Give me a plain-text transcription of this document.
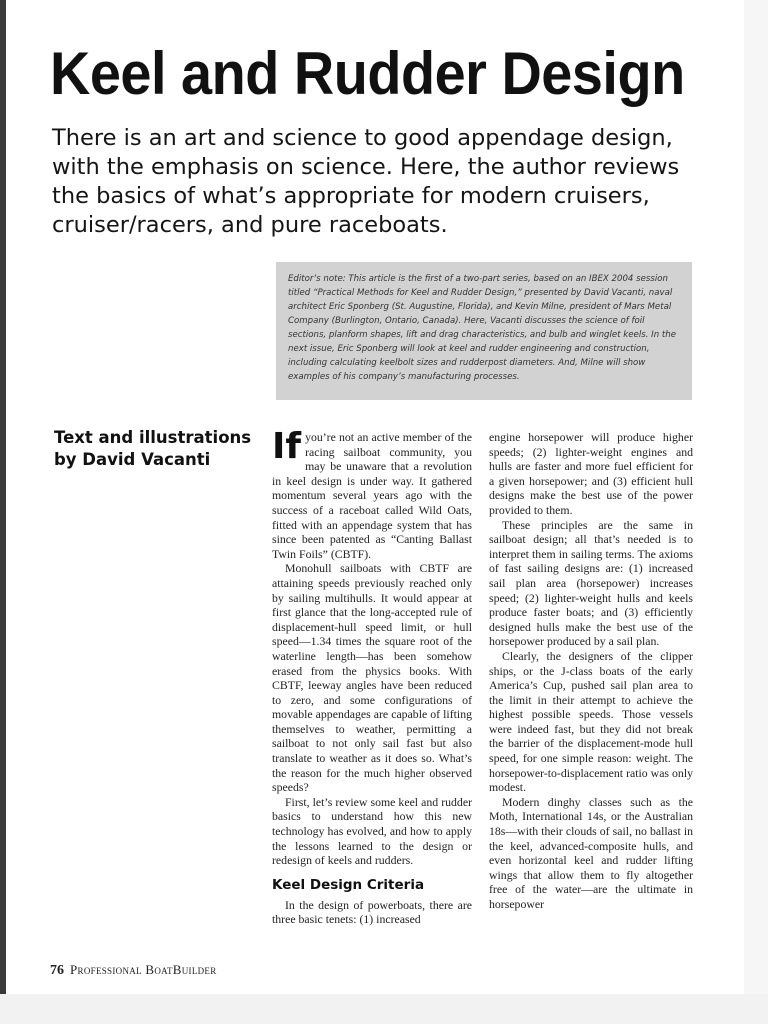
Keel and Rudder Design

There is an art and science to good appendage design, with the emphasis on science. Here, the author reviews the basics of what’s appropriate for modern cruisers, cruiser/racers, and pure raceboats.

Editor’s note: This article is the first of a two-part series, based on an IBEX 2004 session titled “Practical Methods for Keel and Rudder Design,” presented by David Vacanti, naval architect Eric Sponberg (St. Augustine, Florida), and Kevin Milne, president of Mars Metal Company (Burlington, Ontario, Canada). Here, Vacanti discusses the science of foil sections, planform shapes, lift and drag characteristics, and bulb and winglet keels. In the next issue, Eric Sponberg will look at keel and rudder engineering and construction, including calculating keelbolt sizes and rudderpost diameters. And, Milne will show examples of his company’s manufacturing processes.
Text and illustrations by David Vacanti	If you’re not an active member of the racing sailboat community, you may be unaware that a revolution in keel design is under way. It gathered momentum several years ago with the success of a raceboat called Wild Oats, fitted with an appendage system that has since been patented as “Canting Ballast Twin Foils” (CBTF).

Monohull sailboats with CBTF are attaining speeds previously reached only by sailing multihulls. It would appear at first glance that the long-accepted rule of displacement-hull speed limit, or hull speed—1.34 times the square root of the waterline length—has been somehow erased from the physics books. With CBTF, leeway angles have been reduced to zero, and some configurations of movable appendages are capable of lifting themselves to weather, permitting a sailboat to not only sail fast but also translate to weather as it does so. What’s the reason for the much higher observed speeds?

First, let’s review some keel and rudder basics to understand how this new technology has evolved, and how to apply the lessons learned to the design or redesign of keels and rudders.

Keel Design Criteria

In the design of powerboats, there are three basic tenets: (1) increased

engine horsepower will produce higher speeds; (2) lighter-weight engines and hulls are faster and more fuel efficient for a given horsepower; and (3) efficient hull designs make the best use of the power provided to them.

These principles are the same in sailboat design; all that’s needed is to interpret them in sailing terms. The axioms of fast sailing designs are: (1) increased sail plan area (horsepower) increases speed; (2) lighter-weight hulls and keels produce faster boats; and (3) efficiently designed hulls make the best use of the horsepower produced by a sail plan.

Clearly, the designers of the clipper ships, or the J-class boats of the early America’s Cup, pushed sail plan area to the limit in their attempt to achieve the highest possible speeds. Those vessels were indeed fast, but they did not break the barrier of the displacement-mode hull speed, for one simple reason: weight. The horsepower-to-displacement ratio was only modest.

Modern dinghy classes such as the Moth, International 14s, or the Australian 18s—with their clouds of sail, no ballast in the keel, advanced-composite hulls, and even horizontal keel and rudder lifting wings that allow them to fly altogether free of the water—are the ultimate in horsepower

76 Professional BoatBuilder
